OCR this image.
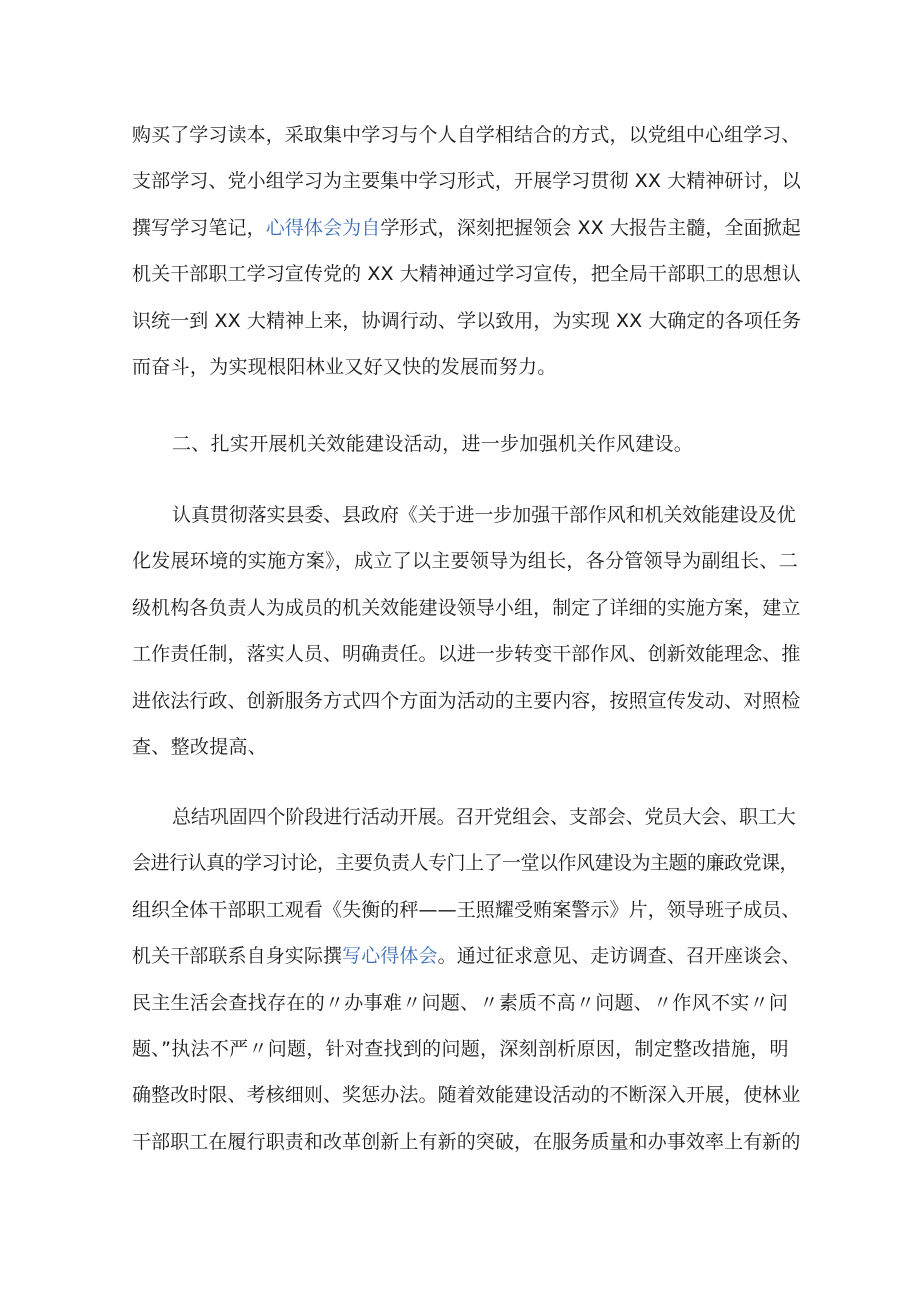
购买了学习读本，采取集中学习与个人自学相结合的方式，以党组中心组学习、
支部学习、党小组学习为主要集中学习形式，开展学习贯彻 XX 大精神研讨，以
撰写学习笔记，心得体会为自学形式，深刻把握领会 XX 大报告主髓，全面掀起
机关干部职工学习宣传党的 XX 大精神通过学习宣传，把全局干部职工的思想认
识统一到 XX 大精神上来，协调行动、学以致用，为实现 XX 大确定的各项任务
而奋斗，为实现根阳林业又好又快的发展而努力。
二、扎实开展机关效能建设活动，进一步加强机关作风建设。
认真贯彻落实县委、县政府《关于进一步加强干部作风和机关效能建设及优
化发展环境的实施方案》，成立了以主要领导为组长，各分管领导为副组长、二
级机构各负责人为成员的机关效能建设领导小组，制定了详细的实施方案，建立
工作责任制，落实人员、明确责任。以进一步转变干部作风、创新效能理念、推
进依法行政、创新服务方式四个方面为活动的主要内容，按照宣传发动、对照检
查、整改提高、
总结巩固四个阶段进行活动开展。召开党组会、支部会、党员大会、职工大
会进行认真的学习讨论，主要负责人专门上了一堂以作风建设为主题的廉政党课，
组织全体干部职工观看《失衡的秤——王照耀受贿案警示》片，领导班子成员、
机关干部联系自身实际撰写心得体会。通过征求意见、走访调查、召开座谈会、
民主生活会查找存在的〃办事难〃问题、〃素质不高〃问题、〃作风不实〃问
题、”执法不严〃问题，针对查找到的问题，深刻剖析原因，制定整改措施，明
确整改时限、考核细则、奖惩办法。随着效能建设活动的不断深入开展，使林业
干部职工在履行职责和改革创新上有新的突破，在服务质量和办事效率上有新的
